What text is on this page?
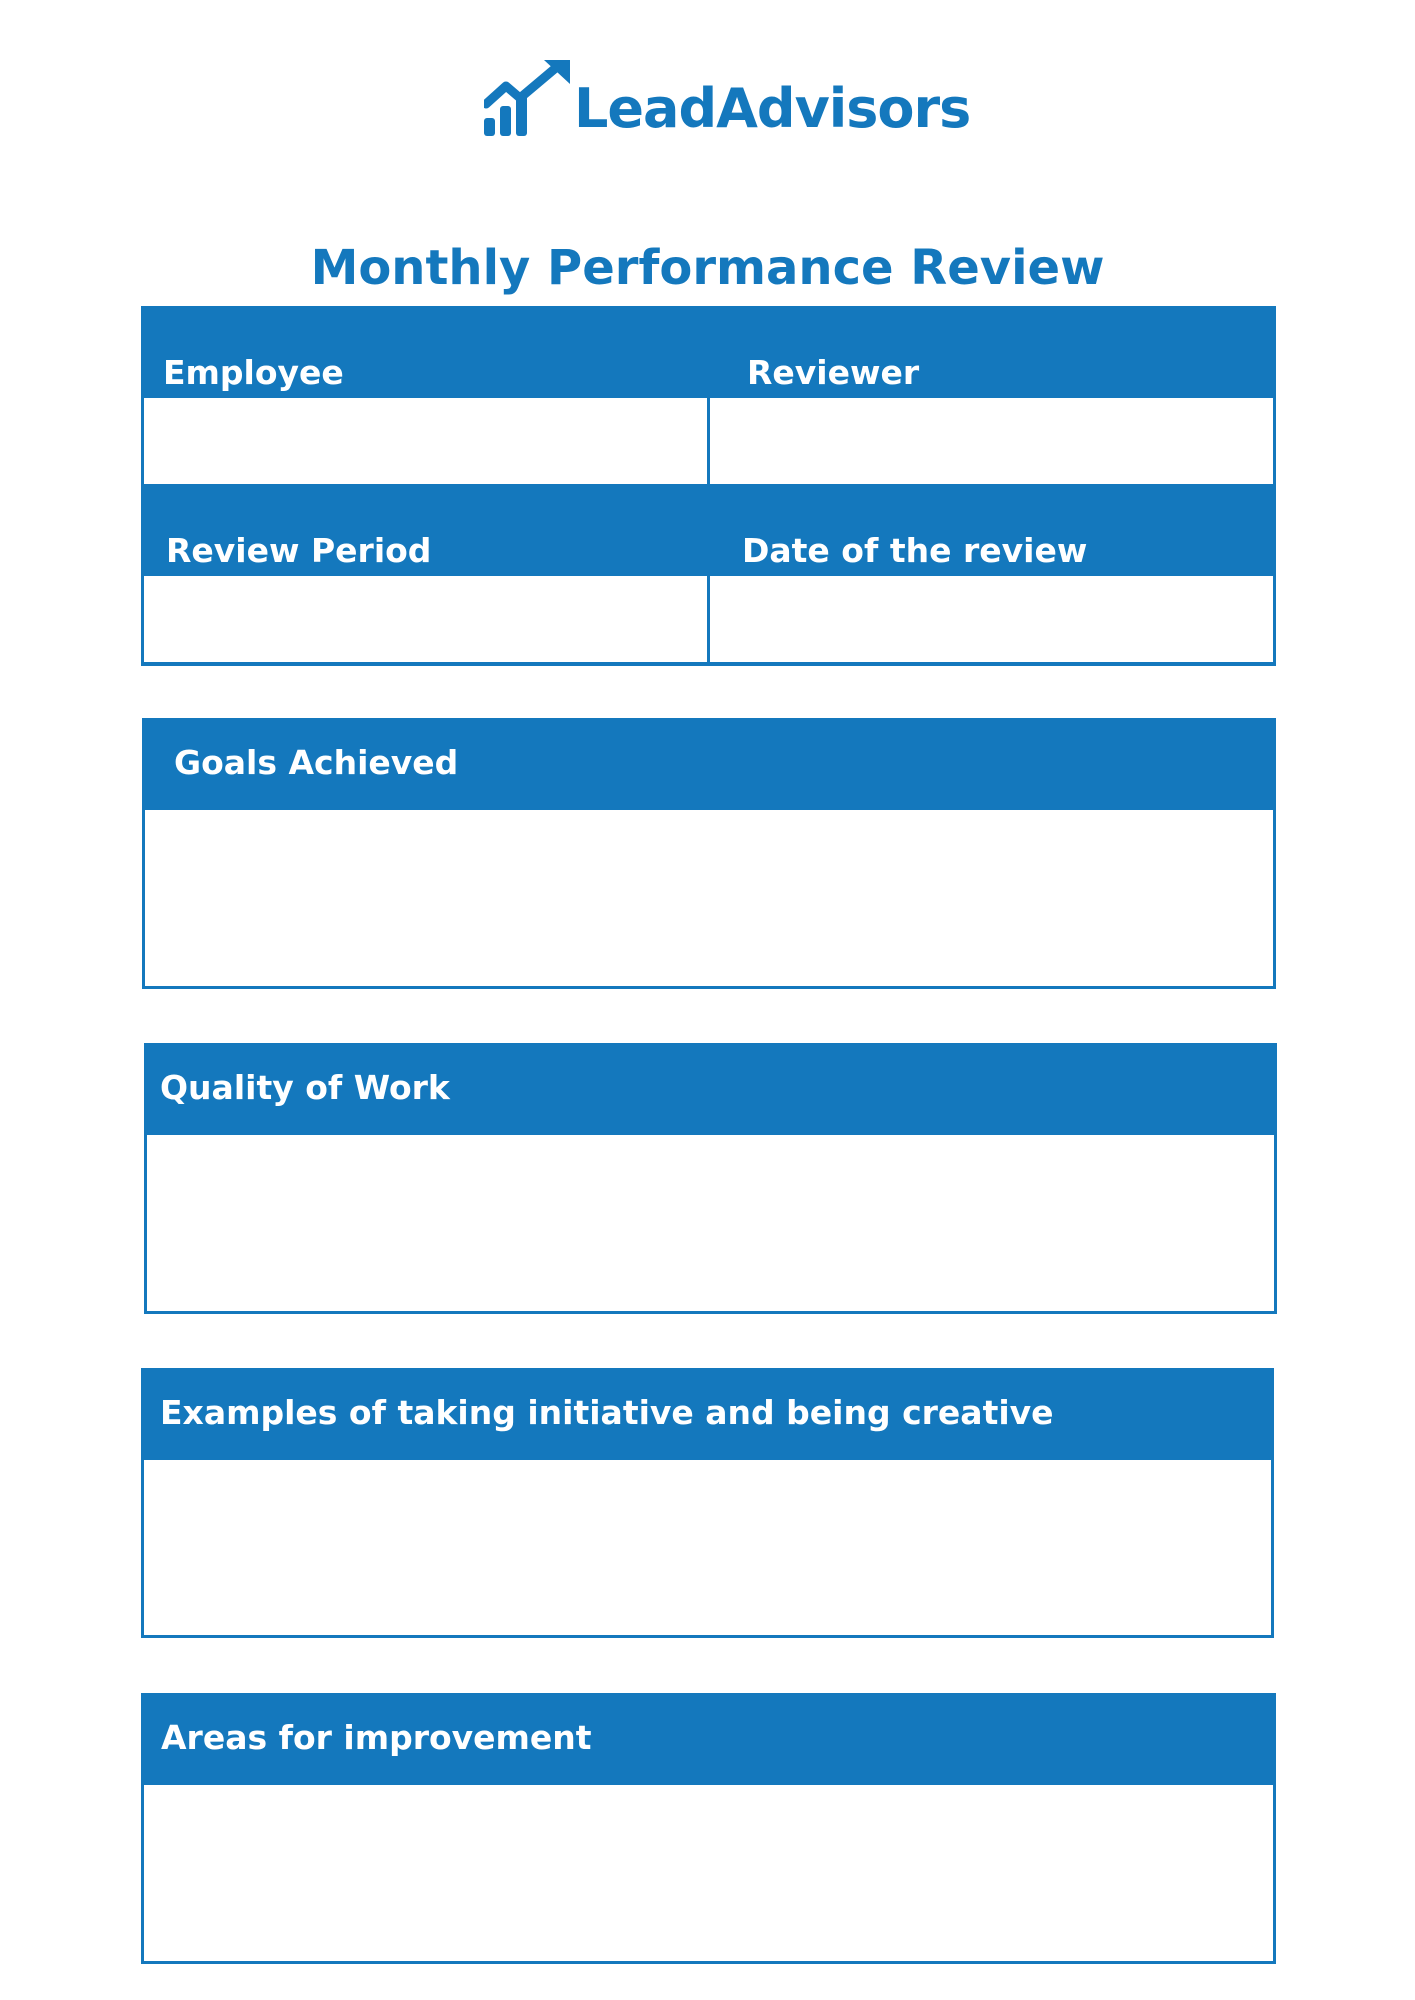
LeadAdvisors
Monthly Performance Review
Employee	Reviewer
Review Period	Date of the review
Goals Achieved
Quality of Work
Examples of taking initiative and being creative
Areas for improvement
